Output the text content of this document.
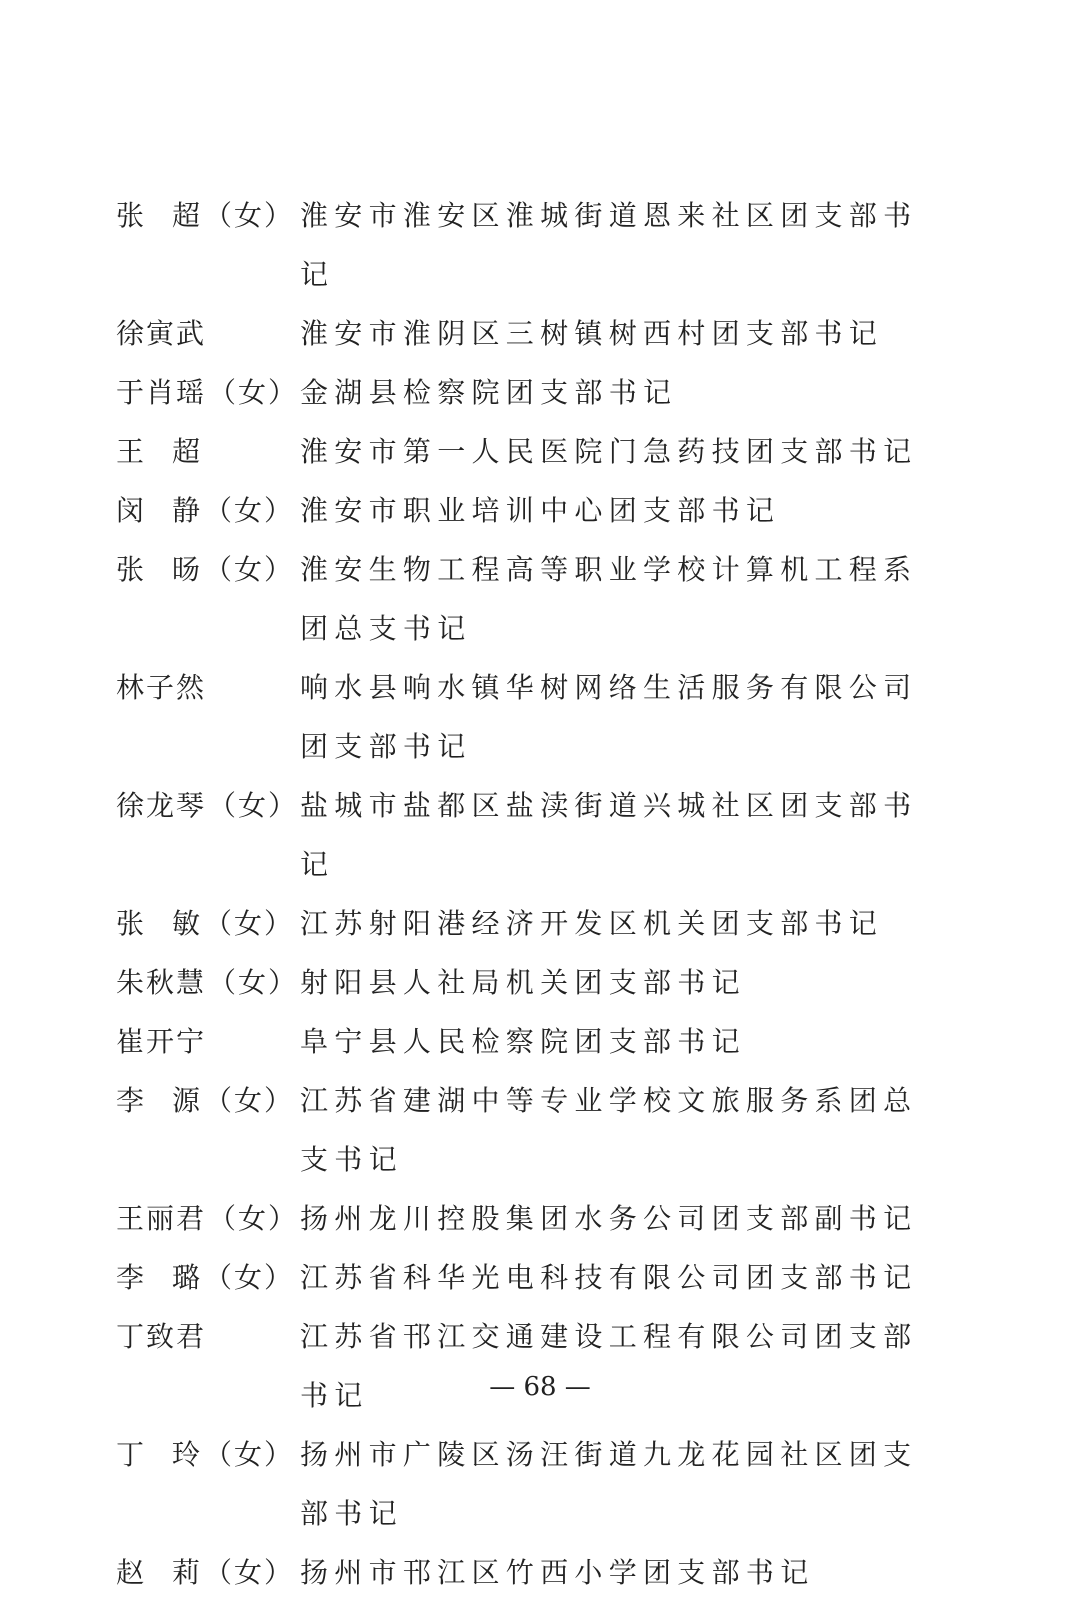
张 超 （女） 淮安市淮安区淮城街道恩来社区团支部书记
徐寅武	淮安市淮阴区三树镇树西村团支部书记
于肖瑶 （女） 金湖县检察院团支部书记
王 超	淮安市第一人民医院门急药技团支部书记
闵 静 （女） 淮安市职业培训中心团支部书记
张 旸 （女） 淮安生物工程高等职业学校计算机工程系团总支书记
林子然	响水县响水镇华树网络生活服务有限公司团支部书记
徐龙琴 （女） 盐城市盐都区盐渎街道兴城社区团支部书记
张 敏 （女） 江苏射阳港经济开发区机关团支部书记
朱秋慧 （女） 射阳县人社局机关团支部书记
崔开宁	阜宁县人民检察院团支部书记
李 源 （女） 江苏省建湖中等专业学校文旅服务系团总支书记
王丽君 （女） 扬州龙川控股集团水务公司团支部副书记
李 璐 （女） 江苏省科华光电科技有限公司团支部书记
丁致君	江苏省邗江交通建设工程有限公司团支部书记
丁 玲 （女） 扬州市广陵区汤汪街道九龙花园社区团支部书记
赵 莉 （女） 扬州市邗江区竹西小学团支部书记
— 68 —
